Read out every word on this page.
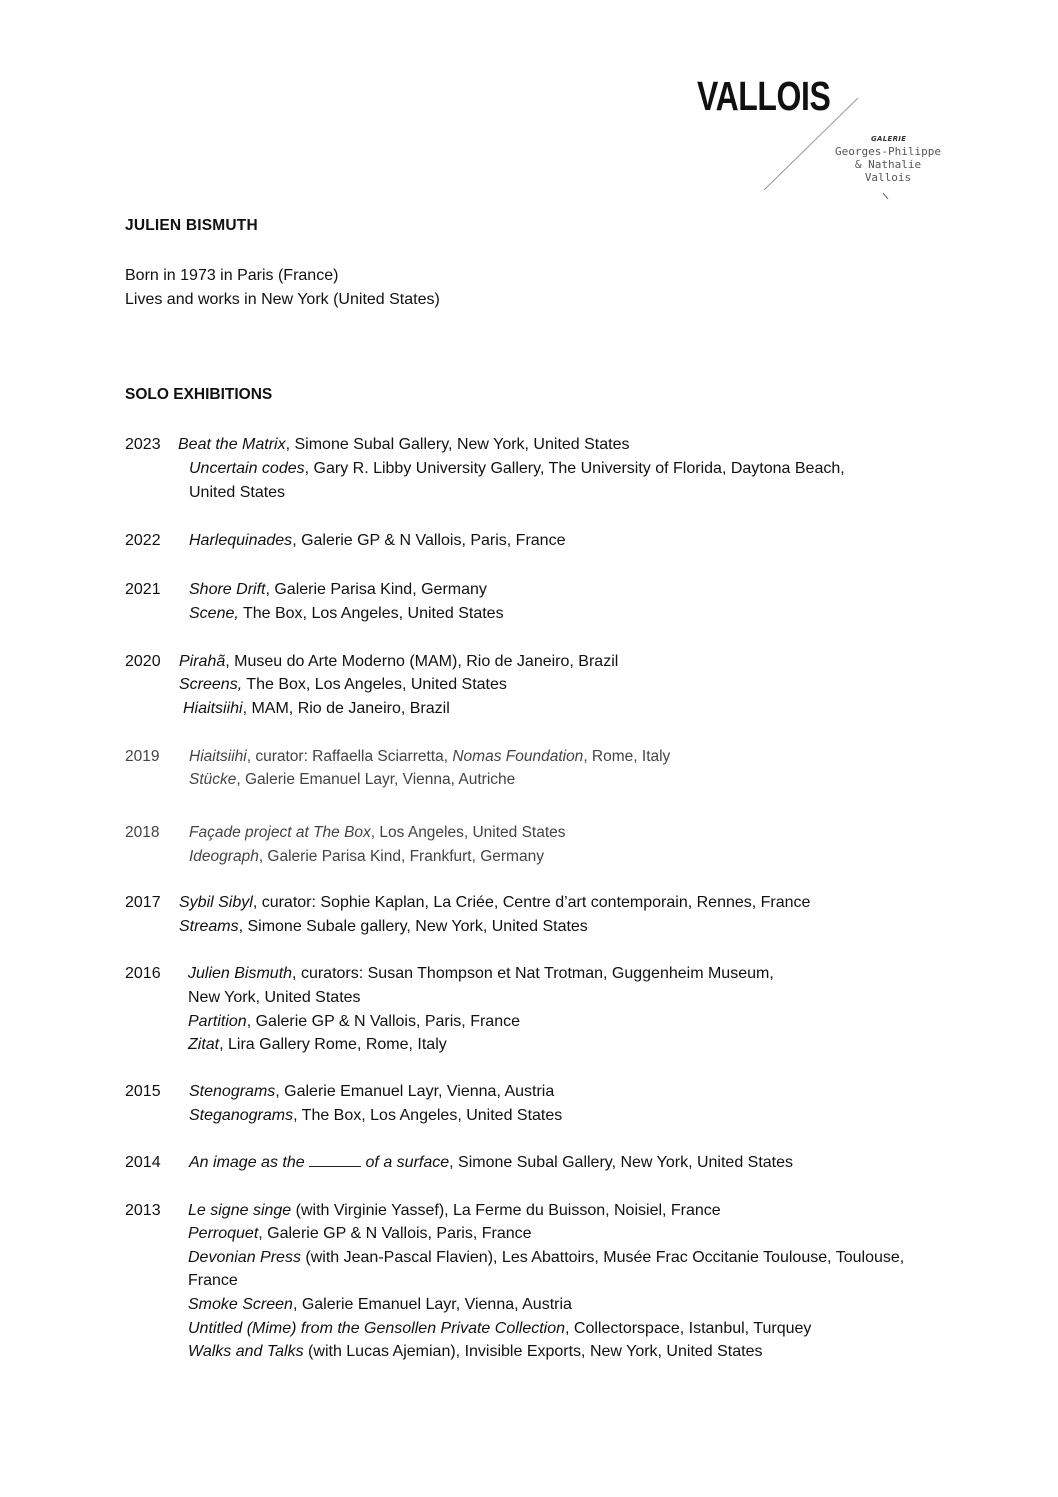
VALLOIS
GALERIE
Georges-Philippe
& Nathalie
Vallois
JULIEN BISMUTH
Born in 1973 in Paris (France)
Lives and works in New York (United States)
SOLO EXHIBITIONS
2023 Beat the Matrix, Simone Subal Gallery, New York, United States
Uncertain codes, Gary R. Libby University Gallery, The University of Florida, Daytona Beach,
United States
2022 Harlequinades, Galerie GP & N Vallois, Paris, France
2021 Shore Drift, Galerie Parisa Kind, Germany
Scene, The Box, Los Angeles, United States
2020 Pirahã, Museu do Arte Moderno (MAM), Rio de Janeiro, Brazil
Screens, The Box, Los Angeles, United States
Hiaitsiihi, MAM, Rio de Janeiro, Brazil
2019 Hiaitsiihi, curator: Raffaella Sciarretta, Nomas Foundation, Rome, Italy
Stücke, Galerie Emanuel Layr, Vienna, Autriche
2018 Façade project at The Box, Los Angeles, United States
Ideograph, Galerie Parisa Kind, Frankfurt, Germany
2017 Sybil Sibyl, curator: Sophie Kaplan, La Criée, Centre d’art contemporain, Rennes, France
Streams, Simone Subale gallery, New York, United States
2016 Julien Bismuth, curators: Susan Thompson et Nat Trotman, Guggenheim Museum,
New York, United States
Partition, Galerie GP & N Vallois, Paris, France
Zitat, Lira Gallery Rome, Rome, Italy
2015 Stenograms, Galerie Emanuel Layr, Vienna, Austria
Steganograms, The Box, Los Angeles, United States
2014 An image as the	of a surface, Simone Subal Gallery, New York, United States
2013 Le signe singe (with Virginie Yassef), La Ferme du Buisson, Noisiel, France
Perroquet, Galerie GP & N Vallois, Paris, France
Devonian Press (with Jean-Pascal Flavien), Les Abattoirs, Musée Frac Occitanie Toulouse, Toulouse,
France
Smoke Screen, Galerie Emanuel Layr, Vienna, Austria
Untitled (Mime) from the Gensollen Private Collection, Collectorspace, Istanbul, Turquey
Walks and Talks (with Lucas Ajemian), Invisible Exports, New York, United States
